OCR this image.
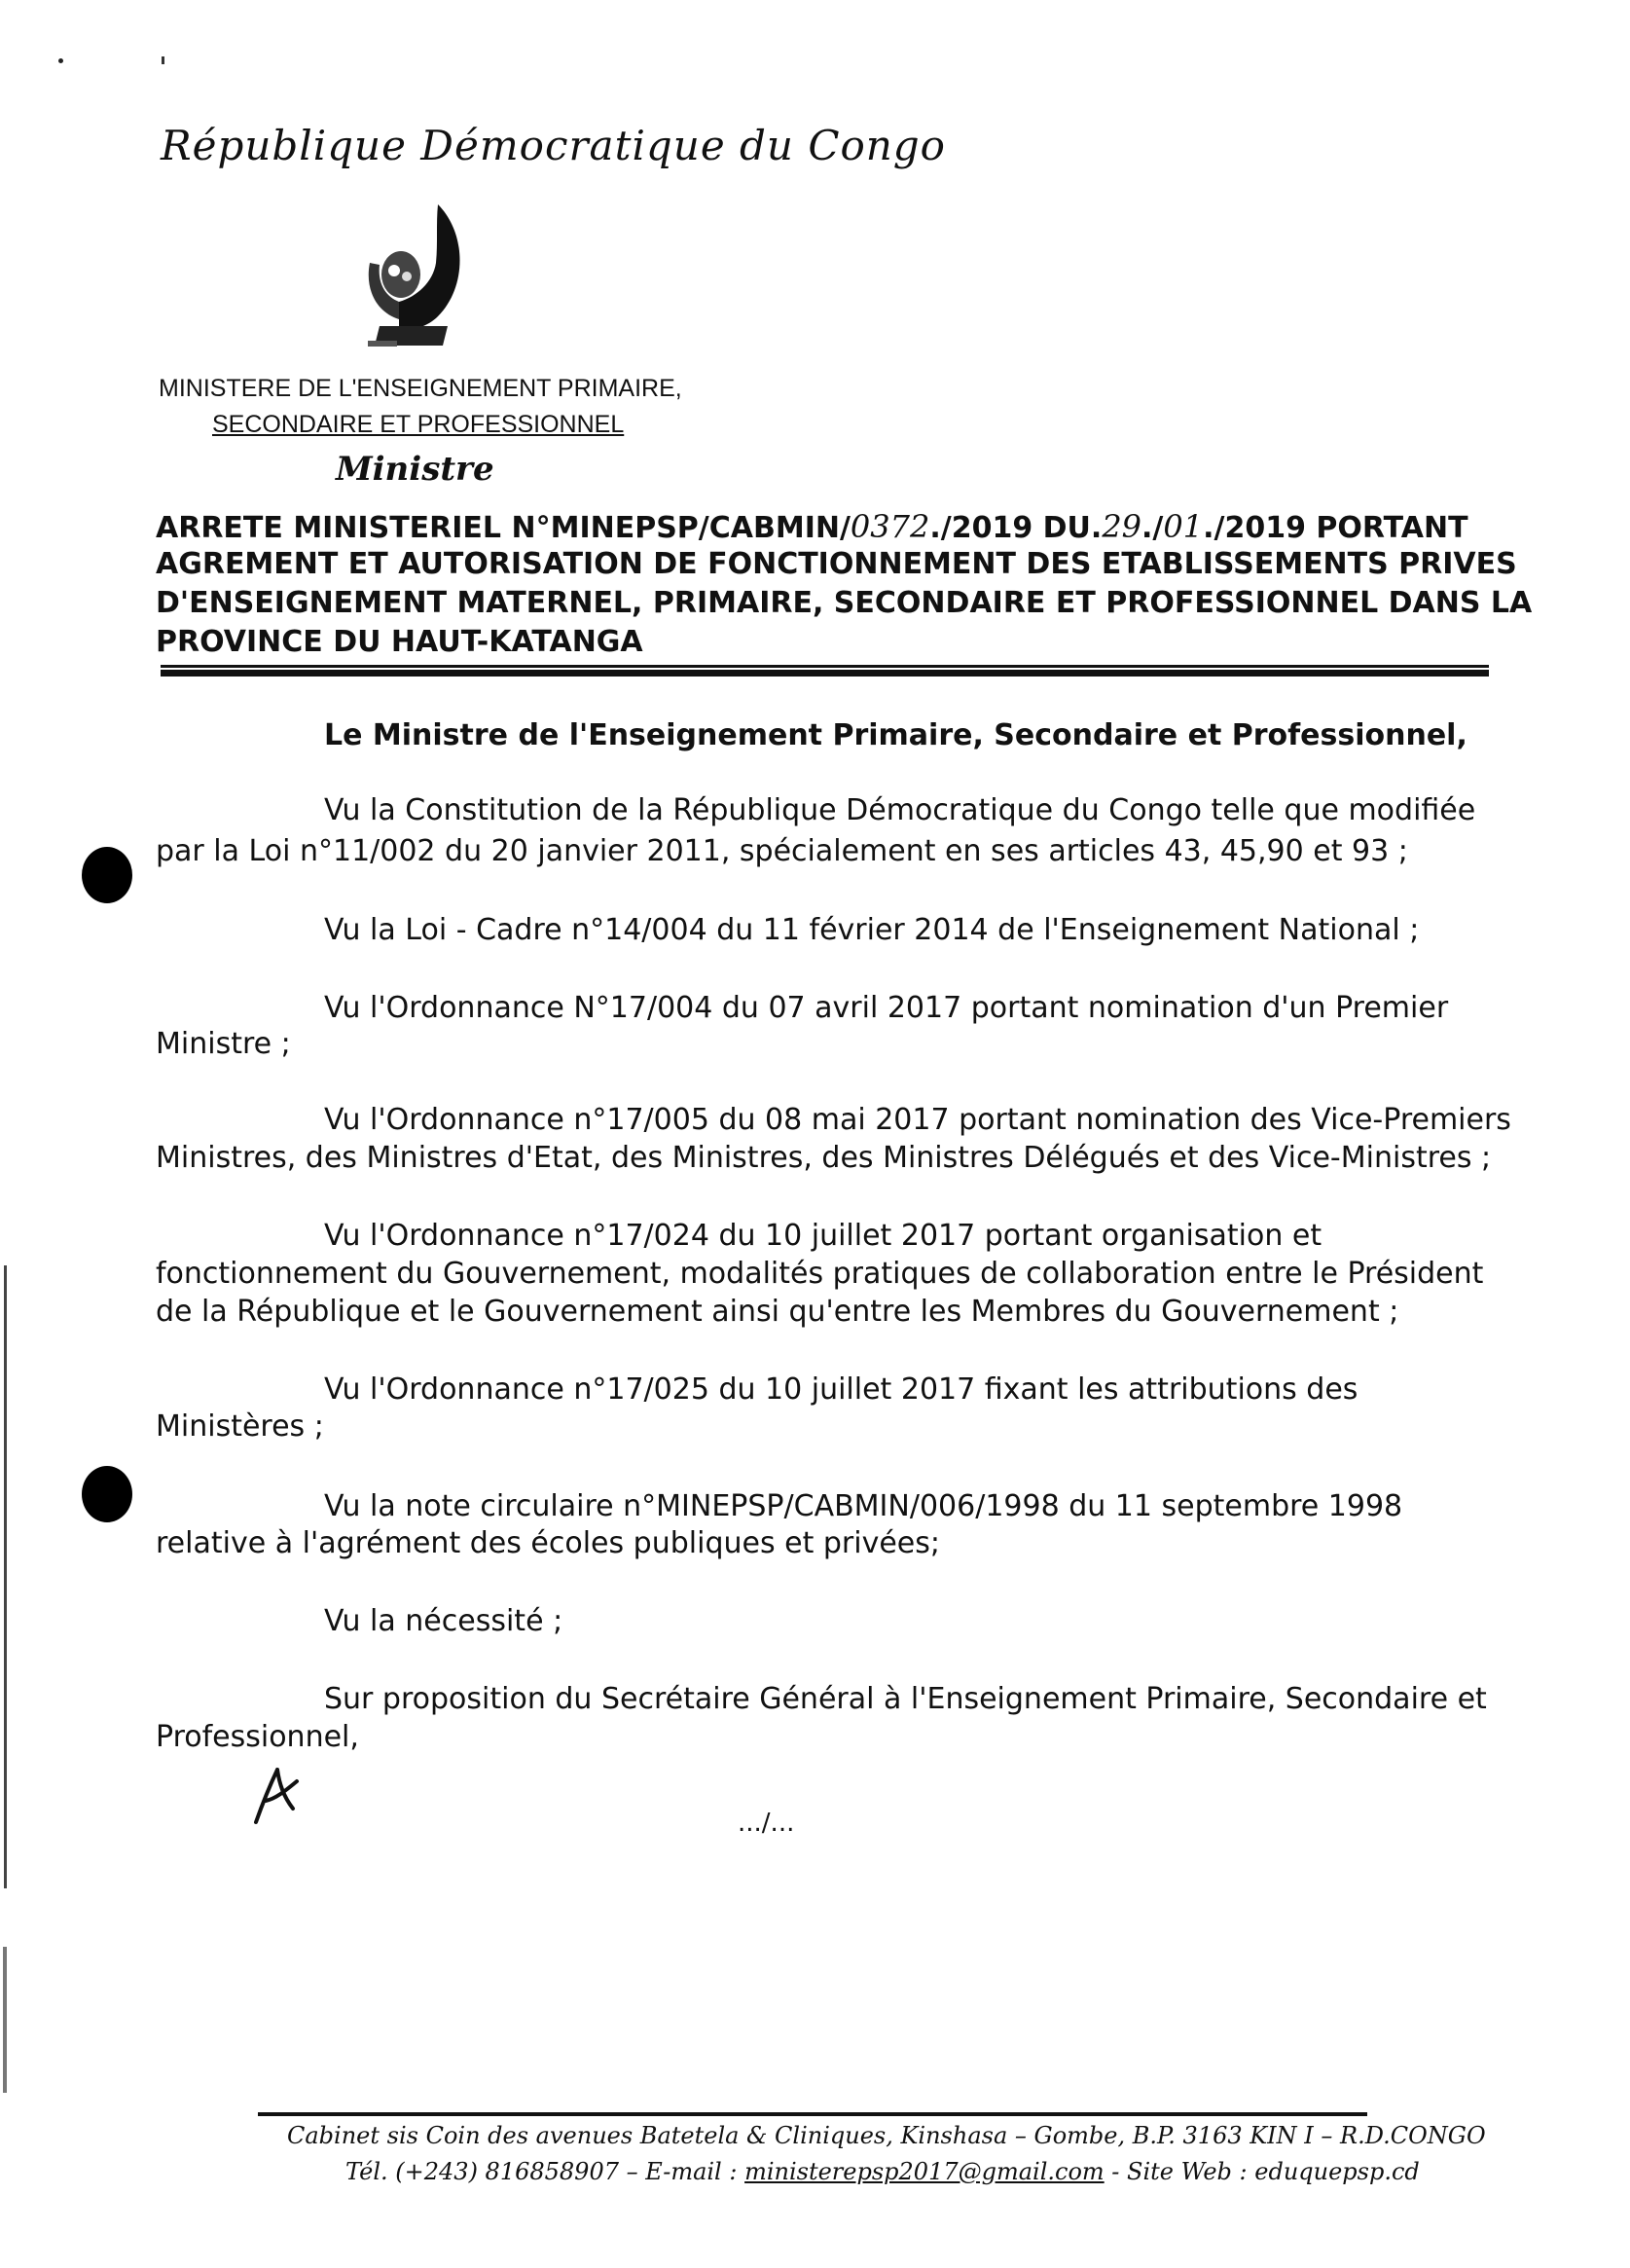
République Démocratique du Congo
MINISTERE DE L'ENSEIGNEMENT PRIMAIRE,
SECONDAIRE ET PROFESSIONNEL
Ministre
ARRETE MINISTERIEL N°MINEPSP/CABMIN/0372./2019 DU.29./01./2019 PORTANT
AGREMENT ET AUTORISATION DE FONCTIONNEMENT DES ETABLISSEMENTS PRIVES
D'ENSEIGNEMENT MATERNEL, PRIMAIRE, SECONDAIRE ET PROFESSIONNEL DANS LA
PROVINCE DU HAUT-KATANGA
Le Ministre de l'Enseignement Primaire, Secondaire et Professionnel,
Vu la Constitution de la République Démocratique du Congo telle que modifiée
par la Loi n°11/002 du 20 janvier 2011, spécialement en ses articles 43, 45,90 et 93 ;
Vu la Loi - Cadre n°14/004 du 11 février 2014 de l'Enseignement National ;
Vu l'Ordonnance N°17/004 du 07 avril 2017 portant nomination d'un Premier
Ministre ;
Vu l'Ordonnance n°17/005 du 08 mai 2017 portant nomination des Vice-Premiers
Ministres, des Ministres d'Etat, des Ministres, des Ministres Délégués et des Vice-Ministres ;
Vu l'Ordonnance n°17/024 du 10 juillet 2017 portant organisation et
fonctionnement du Gouvernement, modalités pratiques de collaboration entre le Président
de la République et le Gouvernement ainsi qu'entre les Membres du Gouvernement ;
Vu l'Ordonnance n°17/025 du 10 juillet 2017 fixant les attributions des
Ministères ;
Vu la note circulaire n°MINEPSP/CABMIN/006/1998 du 11 septembre 1998
relative à l'agrément des écoles publiques et privées;
Vu la nécessité ;
Sur proposition du Secrétaire Général à l'Enseignement Primaire, Secondaire et
Professionnel,
.../...
Cabinet sis Coin des avenues Batetela & Cliniques, Kinshasa – Gombe, B.P. 3163 KIN I – R.D.CONGO
Tél. (+243) 816858907 – E-mail : ministerepsp2017@gmail.com - Site Web : eduquepsp.cd
